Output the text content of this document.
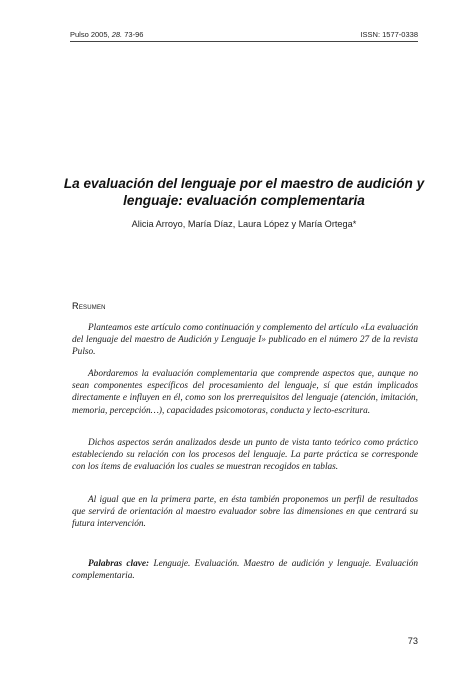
Pulso 2005, 28. 73-96	ISSN: 1577-0338
La evaluación del lenguaje por el maestro de audición y lenguaje: evaluación complementaria
Alicia Arroyo, María Díaz, Laura López y María Ortega*
Resumen

Planteamos este artículo como continuación y complemento del artículo «La evaluación del lenguaje del maestro de Audición y Lenguaje I» publicado en el número 27 de la revista Pulso.

Abordaremos la evaluación complementaria que comprende aspectos que, aunque no sean componentes específicos del procesamiento del lenguaje, sí que están implicados directamente e influyen en él, como son los prerrequisitos del lenguaje (atención, imitación, memoria, percepción…), capacidades psicomotoras, conducta y lecto-escritura.

Dichos aspectos serán analizados desde un punto de vista tanto teórico como práctico estableciendo su relación con los procesos del lenguaje. La parte práctica se corresponde con los ítems de evaluación los cuales se muestran recogidos en tablas.

Al igual que en la primera parte, en ésta también proponemos un perfil de resultados que servirá de orientación al maestro evaluador sobre las dimensiones en que centrará su futura intervención.

Palabras clave: Lenguaje. Evaluación. Maestro de audición y lenguaje. Evaluación complementaria.

73
